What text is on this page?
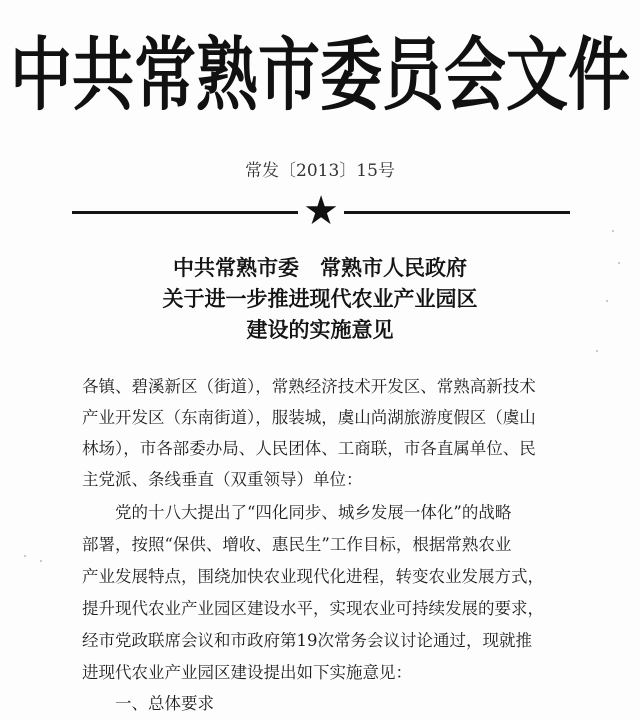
中共常熟市委员会文件
常发〔2013〕15号
★
中共常熟市委　常熟市人民政府
关于进一步推进现代农业产业园区
建设的实施意见
各镇、碧溪新区（街道），常熟经济技术开发区、常熟高新技术
产业开发区（东南街道），服装城，虞山尚湖旅游度假区（虞山
林场），市各部委办局、人民团体、工商联，市各直属单位、民
主党派、条线垂直（双重领导）单位：
　　党的十八大提出了“四化同步、城乡发展一体化”的战略
部署，按照“保供、增收、惠民生”工作目标，根据常熟农业
产业发展特点，围绕加快农业现代化进程，转变农业发展方式，
提升现代农业产业园区建设水平，实现农业可持续发展的要求，
经市党政联席会议和市政府第19次常务会议讨论通过，现就推
进现代农业产业园区建设提出如下实施意见：
　　一、总体要求
